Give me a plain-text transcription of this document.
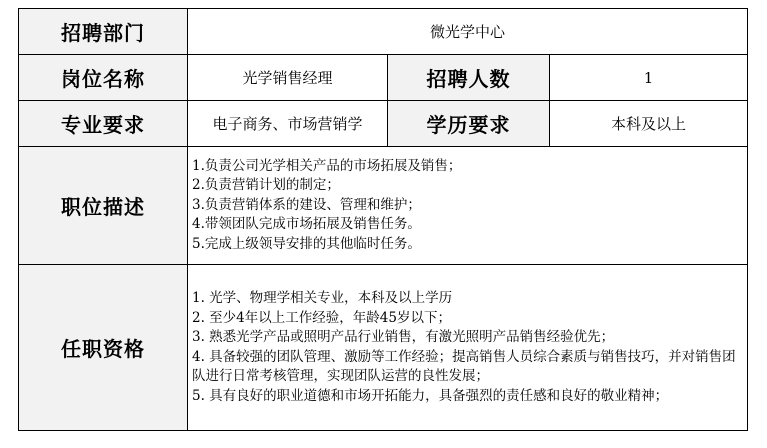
招聘部门	微光学中心		
岗位名称	光学销售经理	招聘人数	1
专业要求	电子商务、市场营销学	学历要求	本科及以上
职位描述	1.负责公司光学相关产品的市场拓展及销售；
2.负责营销计划的制定；
3.负责营销体系的建设、管理和维护；
4.带领团队完成市场拓展及销售任务。
5.完成上级领导安排的其他临时任务。		

任职资格	1. 光学、物理学相关专业，本科及以上学历
2. 至少4年以上工作经验，年龄45岁以下；
3. 熟悉光学产品或照明产品行业销售，有激光照明产品销售经验优先；
4. 具备较强的团队管理、激励等工作经验；提高销售人员综合素质与销售技巧，并对销售团队进行日常考核管理，实现团队运营的良性发展；
5. 具有良好的职业道德和市场开拓能力，具备强烈的责任感和良好的敬业精神；		
